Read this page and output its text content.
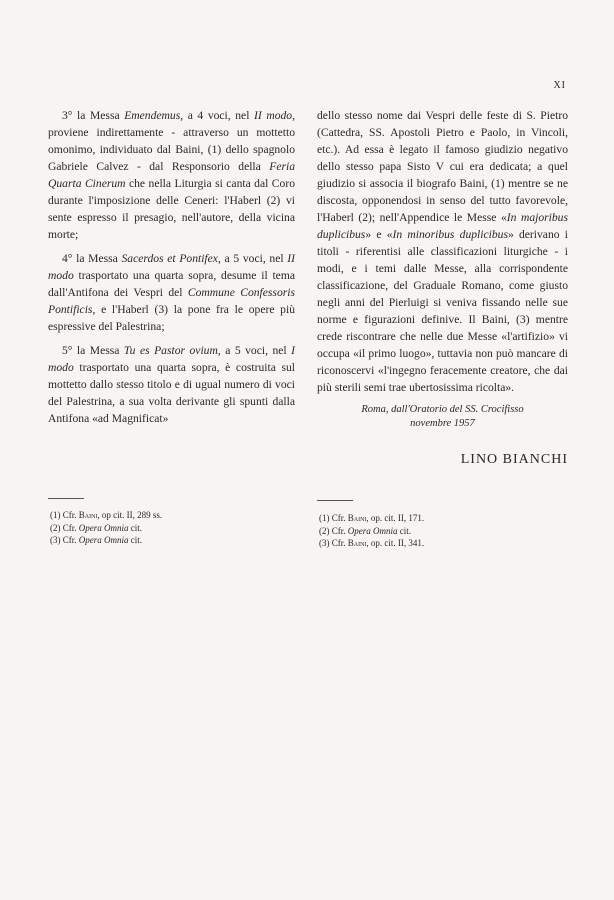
XI

3° la Messa Emendemus, a 4 voci, nel II modo, proviene indirettamente - attraverso un mottetto omonimo, individuato dal Baini, (1) dello spagnolo Gabriele Calvez - dal Responsorio della Feria Quarta Cinerum che nella Liturgia si canta dal Coro durante l'imposizione delle Ceneri: l'Haberl (2) vi sente espresso il presagio, nell'autore, della vicina morte;

4° la Messa Sacerdos et Pontifex, a 5 voci, nel II modo trasportato una quarta sopra, desume il tema dall'Antifona dei Vespri del Commune Confessoris Pontificis, e l'Haberl (3) la pone fra le opere più espressive del Palestrina;

5° la Messa Tu es Pastor ovium, a 5 voci, nel I modo trasportato una quarta sopra, è costruita sul mottetto dallo stesso titolo e di ugual numero di voci del Palestrina, a sua volta derivante gli spunti dalla Antifona «ad Magnificat»

dello stesso nome dai Vespri delle feste di S. Pietro (Cattedra, SS. Apostoli Pietro e Paolo, in Vincoli, etc.). Ad essa è legato il famoso giudizio negativo dello stesso papa Sisto V cui era dedicata; a quel giudizio si associa il biografo Baini, (1) mentre se ne discosta, opponendosi in senso del tutto favorevole, l'Haberl (2); nell'Appendice le Messe «In majoribus duplicibus» e «In minoribus duplicibus» derivano i titoli - riferentisi alle classificazioni liturgiche - i modi, e i temi dalle Messe, alla corrispondente classificazione, del Graduale Romano, come giusto negli anni del Pierluigi si veniva fissando nelle sue norme e figurazioni definive. Il Baini, (3) mentre crede riscontrare che nelle due Messe «l'artifizio» vi occupa «il primo luogo», tuttavia non può mancare di riconoscervi «l'ingegno feracemente creatore, che dai più sterili semi trae ubertosissima ricolta».

Roma, dall'Oratorio del SS. Crocifisso
novembre 1957
LINO BIANCHI
(1) Cfr. Baini, op cit. II, 289 ss.
(2) Cfr. Opera Omnia cit.
(3) Cfr. Opera Omnia cit.
(1) Cfr. Baini, op. cit. II, 171.
(2) Cfr. Opera Omnia cit.
(3) Cfr. Baini, op. cit. II, 341.
